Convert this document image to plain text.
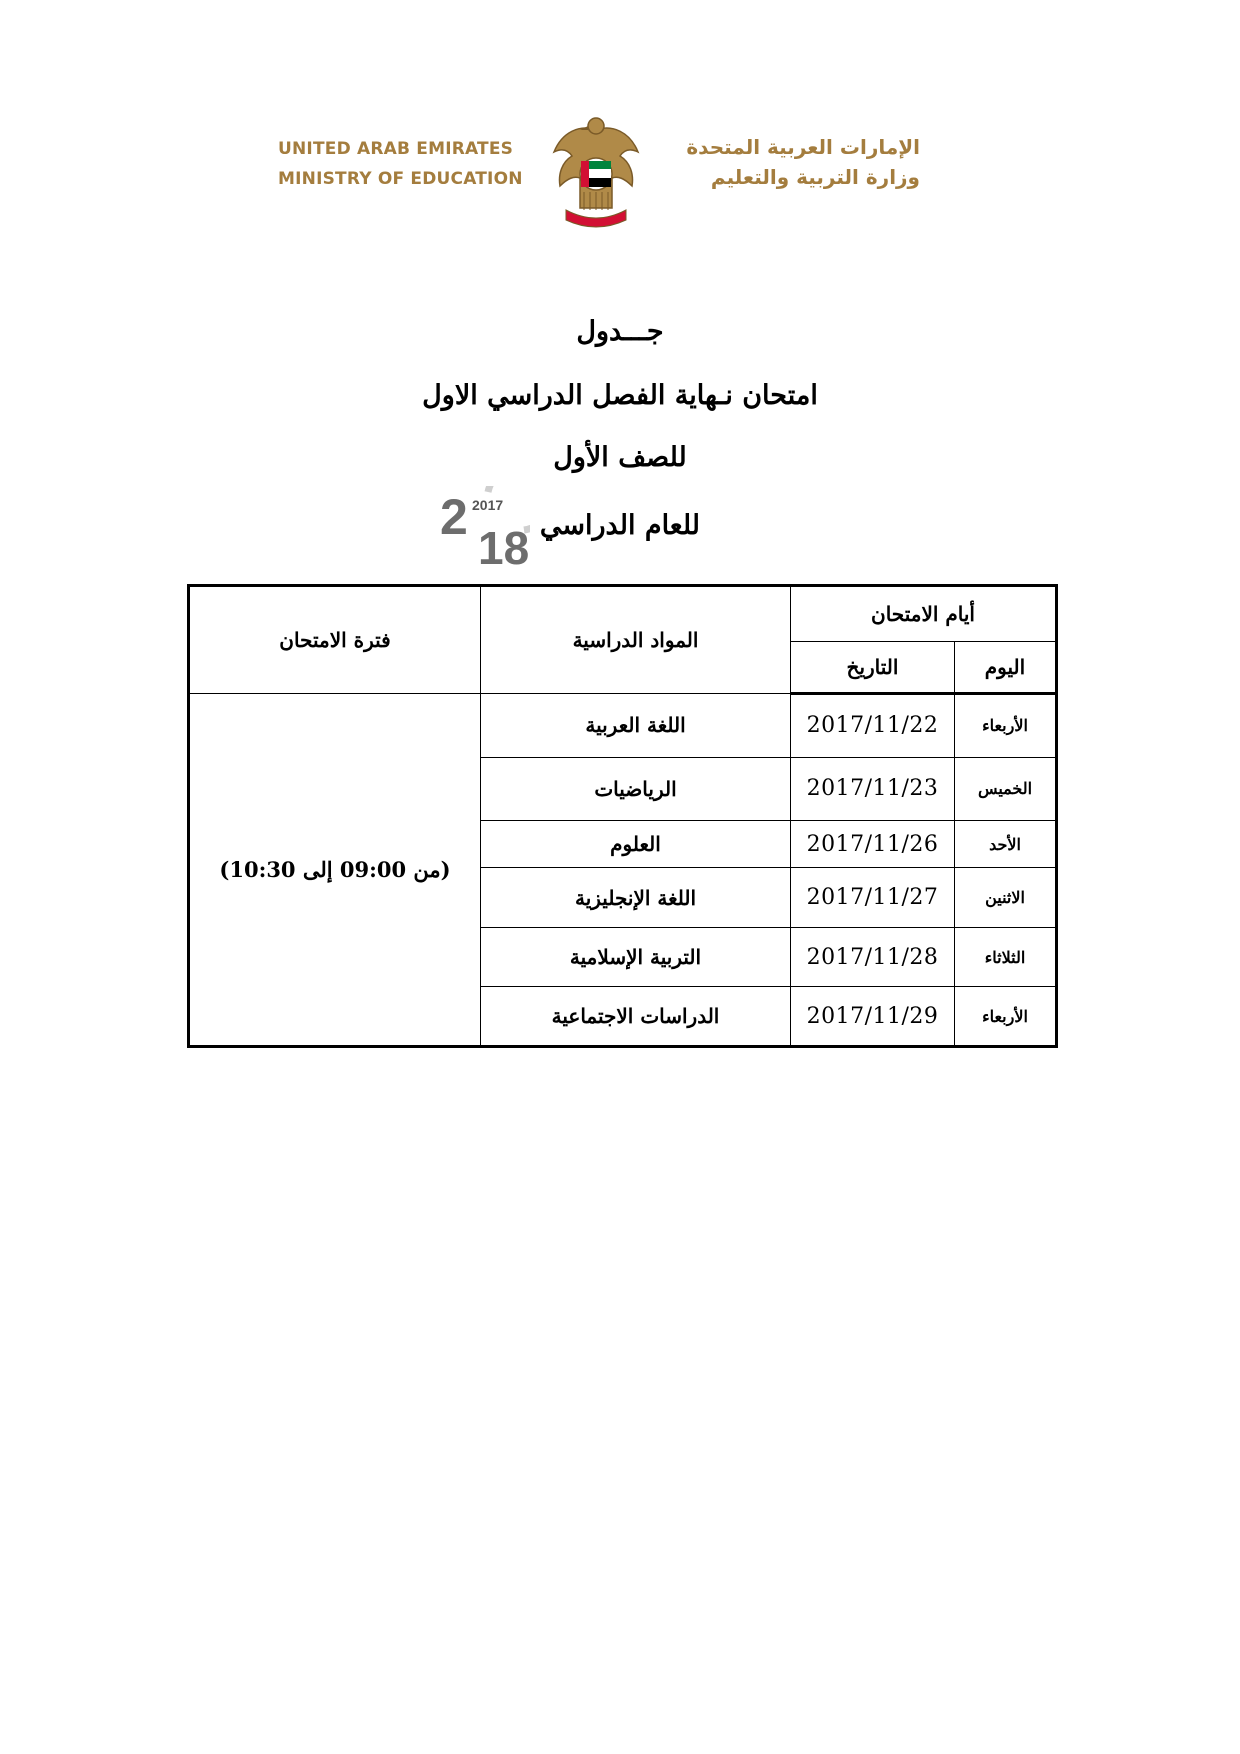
UNITED ARAB EMIRATES
MINISTRY OF EDUCATION
الإمارات العربية المتحدة
وزارة التربية والتعليم
جـــدول
امتحان نـهاية الفصل الدراسي الاول
للصف الأول
للعام الدراسي
2 2017
18
أيام الامتحان		المواد الدراسية	فترة الامتحان
اليوم	التاريخ		
الأربعاء	2017/11/22	اللغة العربية	(من 09:00 إلى 10:30)
الخميس	2017/11/23	الرياضيات	
الأحد	2017/11/26	العلوم	
الاثنين	2017/11/27	اللغة الإنجليزية	
الثلاثاء	2017/11/28	التربية الإسلامية	
الأربعاء	2017/11/29	الدراسات الاجتماعية	
